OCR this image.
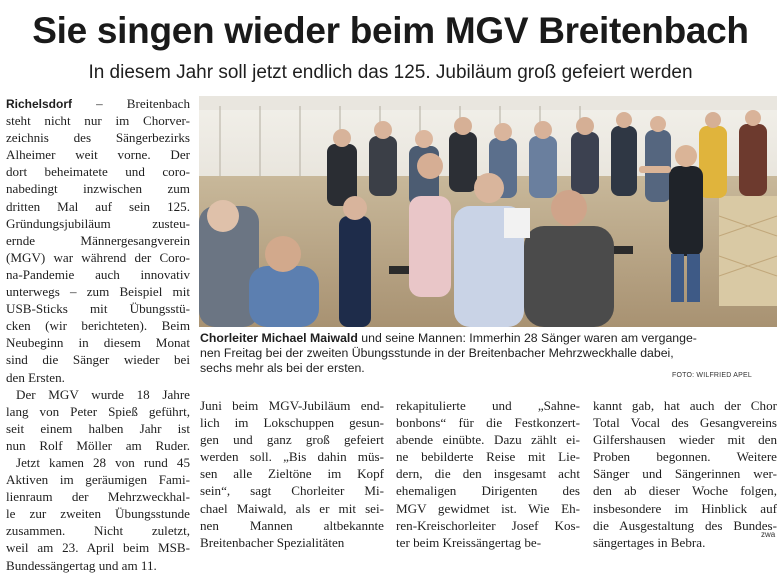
Sie singen wieder beim MGV Breitenbach
In diesem Jahr soll jetzt endlich das 125. Jubiläum groß gefeiert werden
Richelsdorf – Breitenbach
steht nicht nur im Chorver-
zeichnis des Sängerbezirks
Alheimer weit vorne. Der
dort beheimatete und coro-
nabedingt inzwischen zum
dritten Mal auf sein 125.
Gründungsjubiläum zusteu-
ernde Männergesangverein
(MGV) war während der Coro-
na-Pandemie auch innovativ
unterwegs – zum Beispiel mit
USB-Sticks mit Übungsstü-
cken (wir berichteten). Beim
Neubeginn in diesem Monat
sind die Sänger wieder bei
den Ersten.
Der MGV wurde 18 Jahre
lang von Peter Spieß geführt,
seit einem halben Jahr ist
nun Rolf Möller am Ruder.
Jetzt kamen 28 von rund 45
Aktiven im geräumigen Fami-
lienraum der Mehrzweckhal-
le zur zweiten Übungsstunde
zusammen. Nicht zuletzt,
weil am 23. April beim MSB-
Bundessängertag und am 11.
Chorleiter Michael Maiwald und seine Mannen: Immerhin 28 Sänger waren am vergange-
nen Freitag bei der zweiten Übungsstunde in der Breitenbacher Mehrzweckhalle dabei,
sechs mehr als bei der ersten.
FOTO: WILFRIED APEL
Juni beim MGV-Jubiläum end-
lich im Lokschuppen gesun-
gen und ganz groß gefeiert
werden soll. „Bis dahin müs-
sen alle Zieltöne im Kopf
sein“, sagt Chorleiter Mi-
chael Maiwald, als er mit sei-
nen Mannen altbekannte
Breitenbacher Spezialitäten
rekapitulierte und „Sahne-
bonbons“ für die Festkonzert-
abende einübte. Dazu zählt ei-
ne bebilderte Reise mit Lie-
dern, die den insgesamt acht
ehemaligen Dirigenten des
MGV gewidmet ist. Wie Eh-
ren-Kreischorleiter Josef Kos-
ter beim Kreissängertag be-
kannt gab, hat auch der Chor
Total Vocal des Gesangvereins
Gilfershausen wieder mit den
Proben begonnen. Weitere
Sänger und Sängerinnen wer-
den ab dieser Woche folgen,
insbesondere im Hinblick auf
die Ausgestaltung des Bundes-
sängertages in Bebra.
zwa
